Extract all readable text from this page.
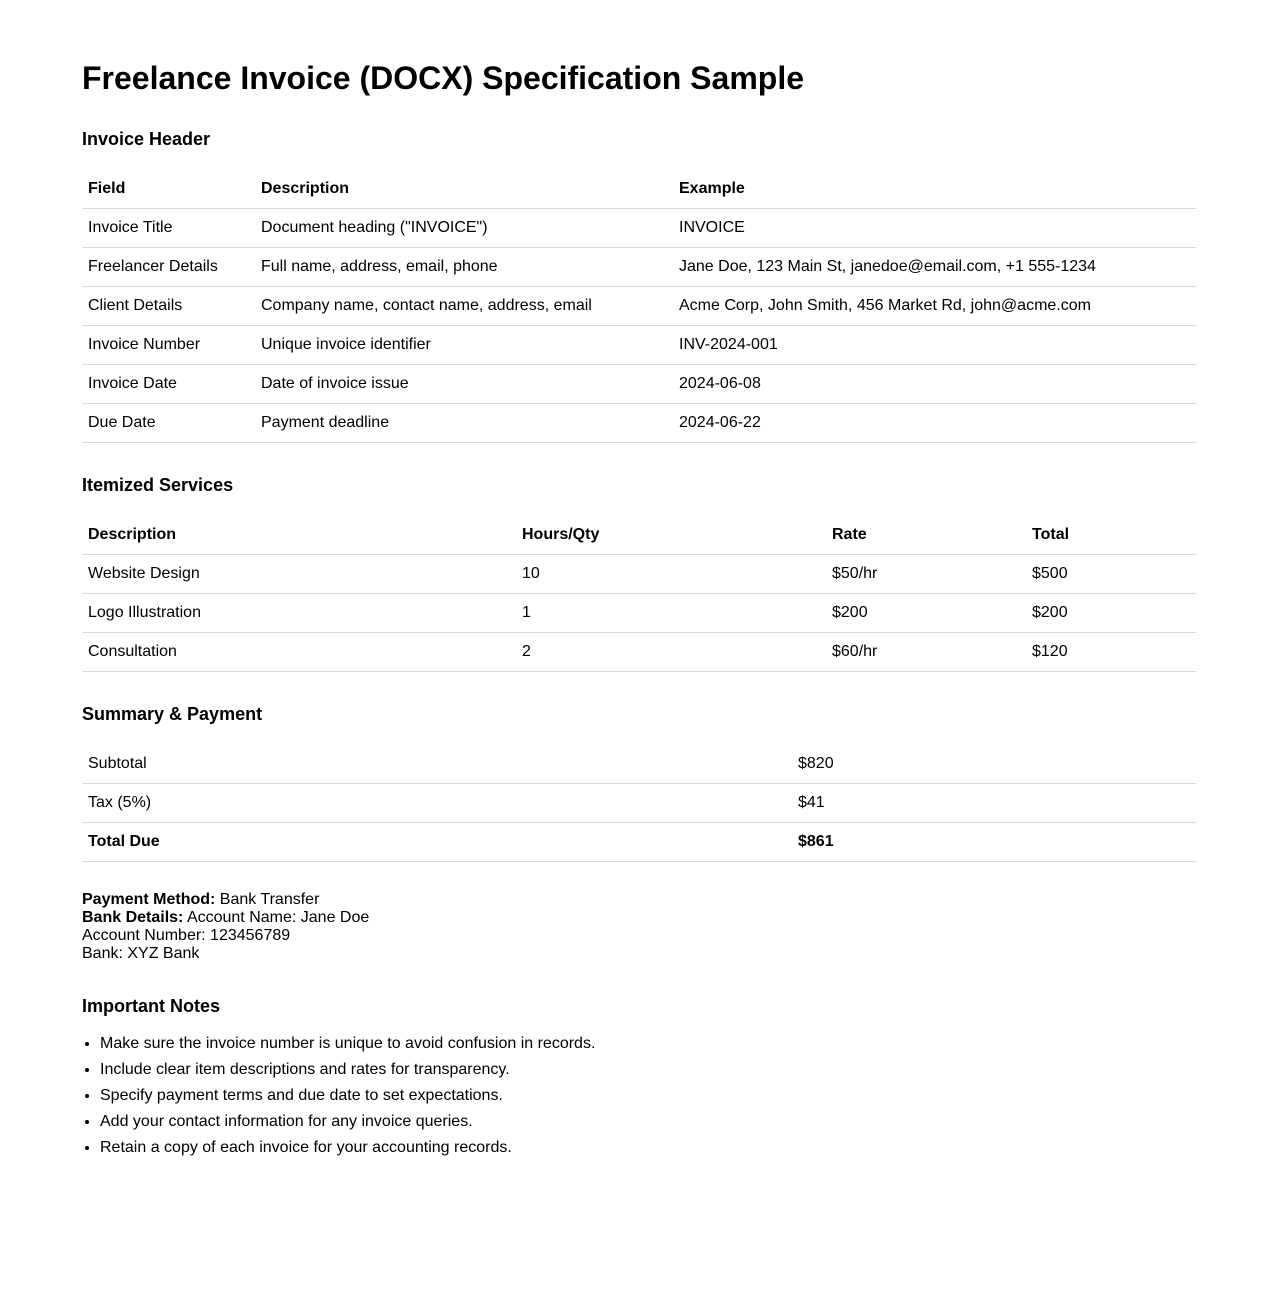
Freelance Invoice (DOCX) Specification Sample
Invoice Header
Field	Description	Example
Invoice Title	Document heading ("INVOICE")	INVOICE
Freelancer Details	Full name, address, email, phone	Jane Doe, 123 Main St, janedoe@email.com, +1 555-1234
Client Details	Company name, contact name, address, email	Acme Corp, John Smith, 456 Market Rd, john@acme.com
Invoice Number	Unique invoice identifier	INV-2024-001
Invoice Date	Date of invoice issue	2024-06-08
Due Date	Payment deadline	2024-06-22
Itemized Services
Description	Hours/Qty	Rate	Total
Website Design	10	$50/hr	$500
Logo Illustration	1	$200	$200
Consultation	2	$60/hr	$120
Summary & Payment
Subtotal	$820
Tax (5%)	$41
Total Due	$861
Payment Method: Bank Transfer
Bank Details: Account Name: Jane Doe
Account Number: 123456789
Bank: XYZ Bank
Important Notes
• Make sure the invoice number is unique to avoid confusion in records.
• Include clear item descriptions and rates for transparency.
• Specify payment terms and due date to set expectations.
• Add your contact information for any invoice queries.
• Retain a copy of each invoice for your accounting records.
